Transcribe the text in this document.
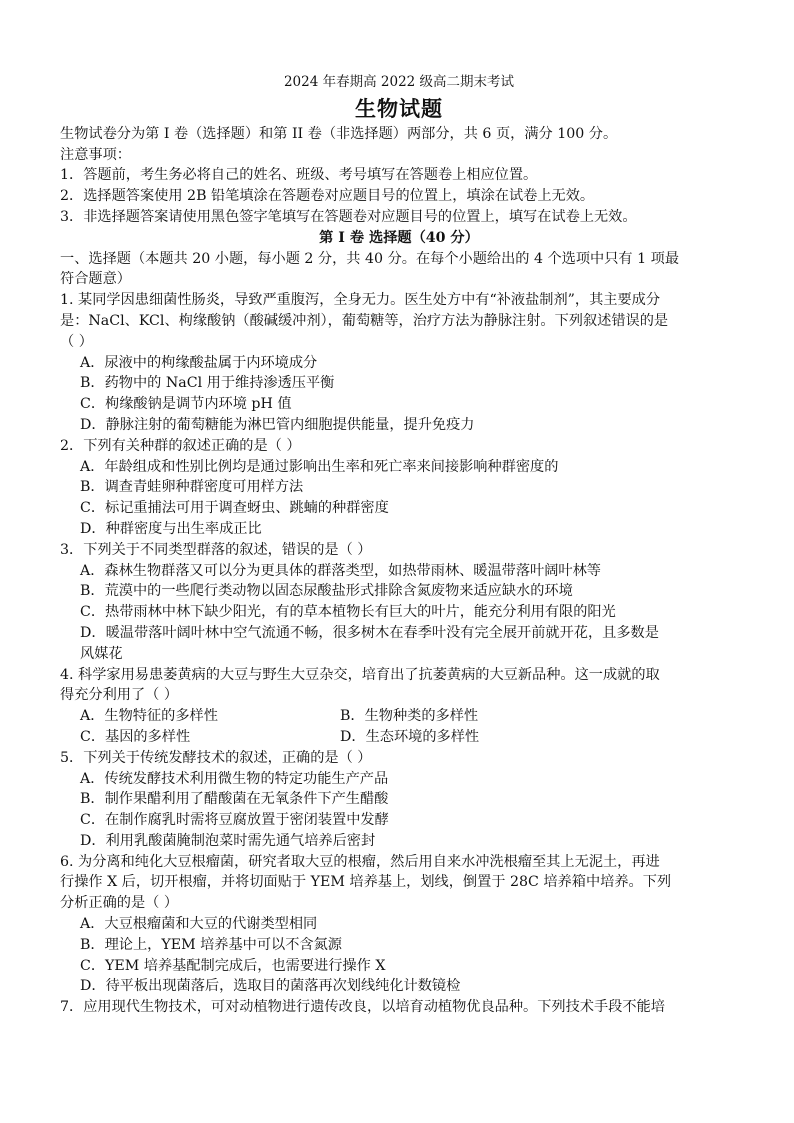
2024 年春期高 2022 级高二期末考试
生物试题
生物试卷分为第 I 卷（选择题）和第 II 卷（非选择题）两部分，共 6 页，满分 100 分。
注意事项：
1．答题前，考生务必将自己的姓名、班级、考号填写在答题卷上相应位置。
2．选择题答案使用 2B 铅笔填涂在答题卷对应题目号的位置上，填涂在试卷上无效。
3．非选择题答案请使用黑色签字笔填写在答题卷对应题目号的位置上，填写在试卷上无效。
第 I 卷 选择题（40 分）
一、选择题（本题共 20 小题，每小题 2 分，共 40 分。在每个小题给出的 4 个选项中只有 1 项最
符合题意）
1. 某同学因患细菌性肠炎，导致严重腹泻，全身无力。医生处方中有“补液盐制剂”，其主要成分
是：NaCl、KCl、枸缘酸钠（酸碱缓冲剂），葡萄糖等，治疗方法为静脉注射。下列叙述错误的是
（ ）
A．尿液中的枸缘酸盐属于内环境成分
B．药物中的 NaCl 用于维持渗透压平衡
C．枸缘酸钠是调节内环境 pH 值
D．静脉注射的葡萄糖能为淋巴管内细胞提供能量，提升免疫力
2．下列有关种群的叙述正确的是（ ）
A．年龄组成和性别比例均是通过影响出生率和死亡率来间接影响种群密度的
B．调查青蛙卵种群密度可用样方法
C．标记重捕法可用于调查蚜虫、跳蝻的种群密度
D．种群密度与出生率成正比
3．下列关于不同类型群落的叙述，错误的是（ ）
A．森林生物群落又可以分为更具体的群落类型，如热带雨林、暖温带落叶阔叶林等
B．荒漠中的一些爬行类动物以固态尿酸盐形式排除含氮废物来适应缺水的环境
C．热带雨林中林下缺少阳光，有的草本植物长有巨大的叶片，能充分利用有限的阳光
D．暖温带落叶阔叶林中空气流通不畅，很多树木在春季叶没有完全展开前就开花，且多数是
风媒花
4. 科学家用易患萎黄病的大豆与野生大豆杂交，培育出了抗萎黄病的大豆新品种。这一成就的取
得充分利用了（ ）
A．生物特征的多样性	B．生物种类的多样性
C．基因的多样性	D．生态环境的多样性
5．下列关于传统发酵技术的叙述，正确的是（ ）
A．传统发酵技术利用微生物的特定功能生产产品
B．制作果醋利用了醋酸菌在无氧条件下产生醋酸
C．在制作腐乳时需将豆腐放置于密闭装置中发酵
D．利用乳酸菌腌制泡菜时需先通气培养后密封
6. 为分离和纯化大豆根瘤菌，研究者取大豆的根瘤，然后用自来水冲洗根瘤至其上无泥土，再进
行操作 X 后，切开根瘤，并将切面贴于 YEM 培养基上，划线，倒置于 28C 培养箱中培养。下列
分析正确的是（ ）
A．大豆根瘤菌和大豆的代谢类型相同
B．理论上，YEM 培养基中可以不含氮源
C．YEM 培养基配制完成后，也需要进行操作 X
D．待平板出现菌落后，选取目的菌落再次划线纯化计数镜检
7．应用现代生物技术，可对动植物进行遗传改良，以培育动植物优良品种。下列技术手段不能培
